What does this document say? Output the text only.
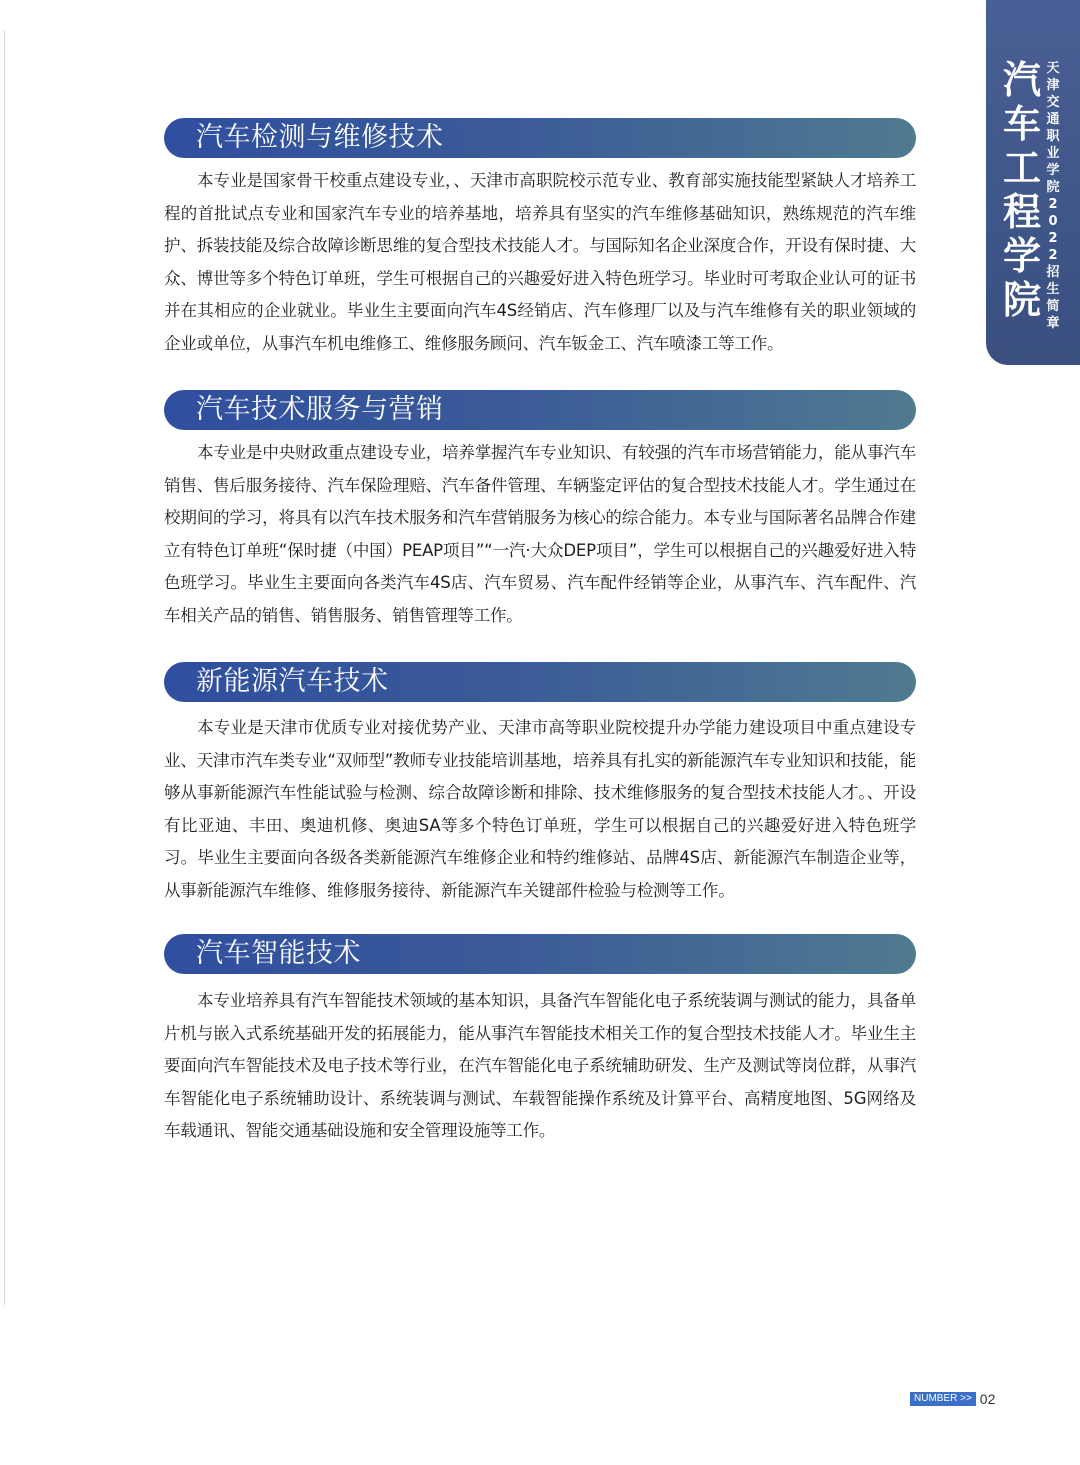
汽车工程学院
天津交通职业学院2022招生简章
汽车检测与维修技术
本专业是国家骨干校重点建设专业，、天津市高职院校示范专业、教育部实施技能型紧缺人才培养工程的首批试点专业和国家汽车专业的培养基地，培养具有坚实的汽车维修基础知识，熟练规范的汽车维护、拆装技能及综合故障诊断思维的复合型技术技能人才。与国际知名企业深度合作，开设有保时捷、大众、博世等多个特色订单班，学生可根据自己的兴趣爱好进入特色班学习。毕业时可考取企业认可的证书并在其相应的企业就业。毕业生主要面向汽车4S经销店、汽车修理厂以及与汽车维修有关的职业领域的企业或单位，从事汽车机电维修工、维修服务顾问、汽车钣金工、汽车喷漆工等工作。
汽车技术服务与营销
本专业是中央财政重点建设专业，培养掌握汽车专业知识、有较强的汽车市场营销能力，能从事汽车销售、售后服务接待、汽车保险理赔、汽车备件管理、车辆鉴定评估的复合型技术技能人才。学生通过在校期间的学习，将具有以汽车技术服务和汽车营销服务为核心的综合能力。本专业与国际著名品牌合作建立有特色订单班“保时捷（中国）PEAP项目”“一汽·大众DEP项目”，学生可以根据自己的兴趣爱好进入特色班学习。毕业生主要面向各类汽车4S店、汽车贸易、汽车配件经销等企业，从事汽车、汽车配件、汽车相关产品的销售、销售服务、销售管理等工作。
新能源汽车技术
本专业是天津市优质专业对接优势产业、天津市高等职业院校提升办学能力建设项目中重点建设专业、天津市汽车类专业“双师型”教师专业技能培训基地，培养具有扎实的新能源汽车专业知识和技能，能够从事新能源汽车性能试验与检测、综合故障诊断和排除、技术维修服务的复合型技术技能人才。、开设有比亚迪、丰田、奥迪机修、奥迪SA等多个特色订单班，学生可以根据自己的兴趣爱好进入特色班学习。毕业生主要面向各级各类新能源汽车维修企业和特约维修站、品牌4S店、新能源汽车制造企业等，从事新能源汽车维修、维修服务接待、新能源汽车关键部件检验与检测等工作。
汽车智能技术
本专业培养具有汽车智能技术领域的基本知识，具备汽车智能化电子系统装调与测试的能力，具备单片机与嵌入式系统基础开发的拓展能力，能从事汽车智能技术相关工作的复合型技术技能人才。毕业生主要面向汽车智能技术及电子技术等行业，在汽车智能化电子系统辅助研发、生产及测试等岗位群，从事汽车智能化电子系统辅助设计、系统装调与测试、车载智能操作系统及计算平台、高精度地图、5G网络及车载通讯、智能交通基础设施和安全管理设施等工作。
NUMBER >> 02
